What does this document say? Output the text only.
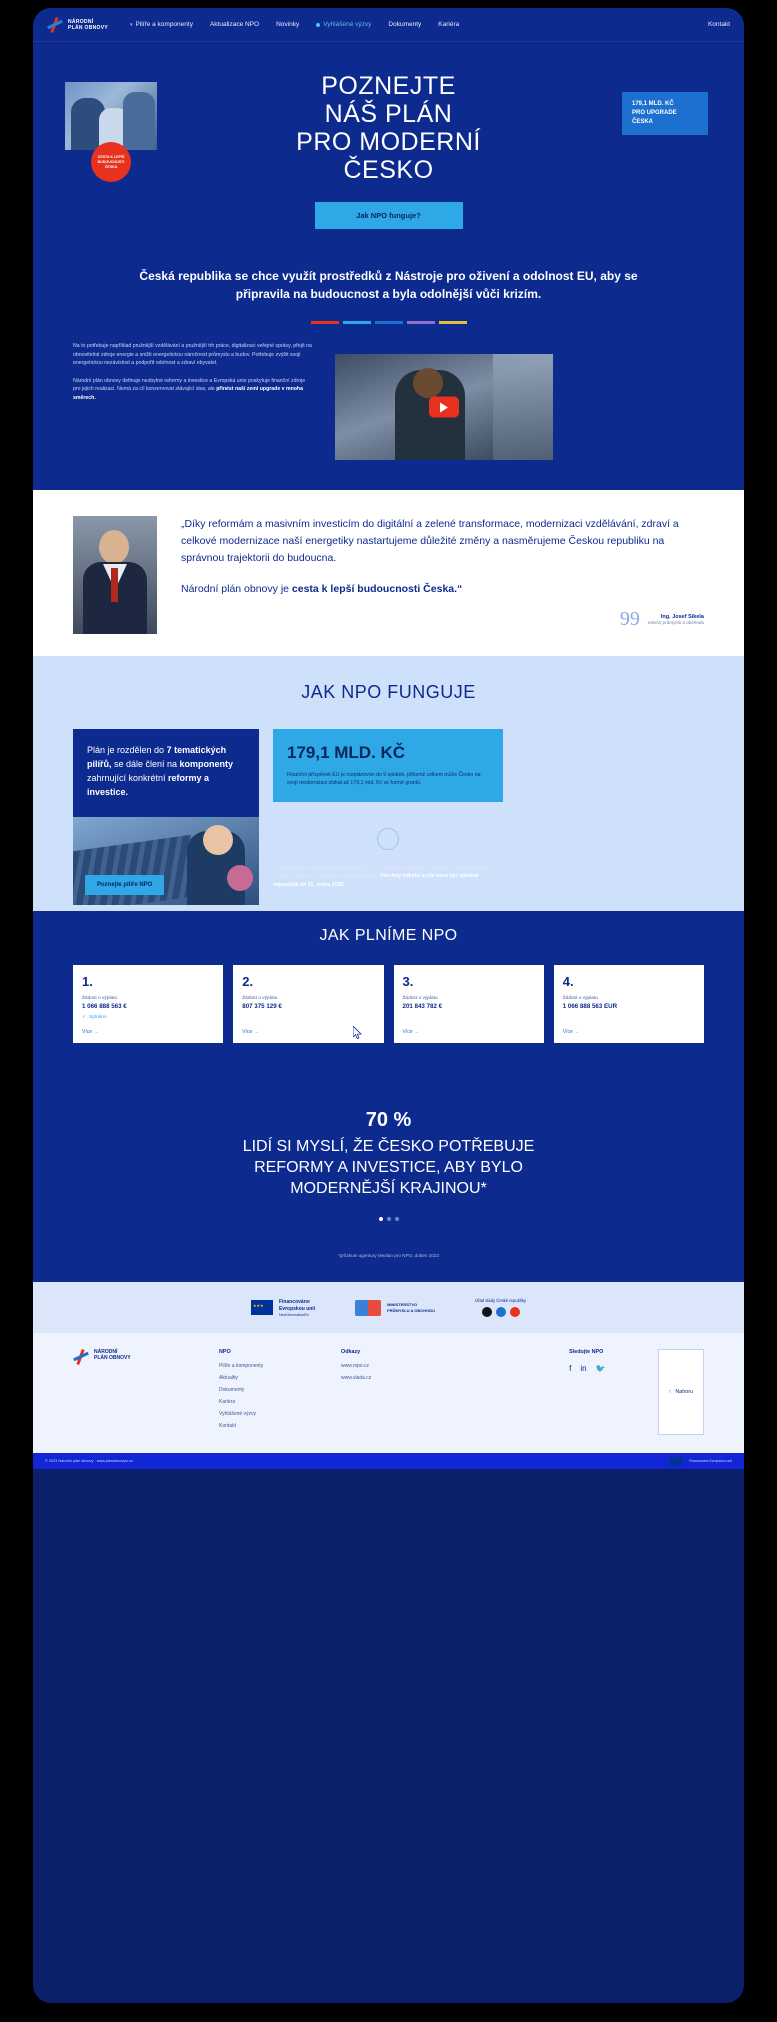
NÁRODNÍ
PLÁN OBNOVY	▾ Pilíře a komponenty	Aktualizace NPO	Novinky	Vyhlášené výzvy	Dokumenty	Kariéra	Kontakt
CESTA K LEPŠÍ BUDOUCNOSTI ČESKA
POZNEJTE
NÁŠ PLÁN
PRO MODERNÍ
ČESKO
179,1 MLD. KČ
PRO UPGRADE ČESKA
Jak NPO funguje?
Česká republika se chce využít prostředků z Nástroje pro oživení a odolnost EU, aby se připravila na budoucnost a byla odolnější vůči krizím.

Na to potřebuje například pružnější vzdělávání a pružnější trh práce, digitalizaci veřejné správy, přejít na obnovitelné zdroje energie a snížit energetickou náročnost průmyslu a budov. Potřebuje zvýšit svoji energetickou nezávislost a podpořit odolnost a zdraví obyvatel.

Národní plán obnovy definuje nezbytné reformy a investice a Evropská unie poskytuje finanční zdroje pro jejich realizaci. Nemá za cíl konzervovat stávající stav, ale přinést naší zemi upgrade v mnoha směrech.

„Díky reformám a masivním investicím do digitální a zelené transformace, modernizaci vzdělávání, zdraví a celkové modernizace naší energetiky nastartujeme důležité změny a nasměrujeme Českou republiku na správnou trajektorii do budoucna.
Národní plán obnovy je cesta k lepší budoucnosti Česka.“
99	Ing. Josef Síkela
ministr průmyslu a obchodu
JAK NPO FUNGUJE
Plán je rozdělen do 7 tematických pilířů, se dále člení na komponenty zahrnující konkrétní reformy a investice.
Poznejte pilíře NPO
179,1 MLD. KČ

Finanční příspěvek EU je rozplánován do 9 splátek, přičemž celkem může Česko na svojí modernizaci získat až 179,1 mld. Kč ve formě grantů.

✓
Uvolnění těchto splátek je podmíněno tím, že Česko bude průběžně uspokojivě plnit příslušné milníky a cíle, které si samo stanovilo v plánu. Všechny milníky a cíle musí být splněné nejpozději do 31. srpna 2026.
JAK PLNÍME NPO
1.
Žádost o výplatu
1 066 888 563 €
✓ Splněno
Více →
2.
Žádost o výplatu
807 375 129 €
Více →
3.
Žádost o výplatu
201 843 782 €
Více →
4.
Žádost o výplatu
1 066 888 563 EUR
Více →
70 %
LIDÍ SI MYSLÍ, ŽE ČESKO POTŘEBUJE
REFORMY A INVESTICE, ABY BYLO
MODERNĚJŠÍ KRAJINOU*
*průzkum agentury Median pro NPO, duben 2023
★★★
Financováno
Evropskou unií
NextGenerationEU
MINISTERSTVO
PRŮMYSLU A OBCHODU
Úřad vlády České republiky
NÁRODNÍ
PLÁN OBNOVY
NPO
Pilíře a komponenty
Aktuality
Dokumenty
Kariéra
Vyhlášené výzvy
Kontakt
Odkazy
www.mpo.cz
www.vlada.cz
Sledujte NPO
f in 🐦
↑ Nahoru
© 2023 Národní plán obnovy · www.planobnovycr.cz	Financováno Evropskou unií
